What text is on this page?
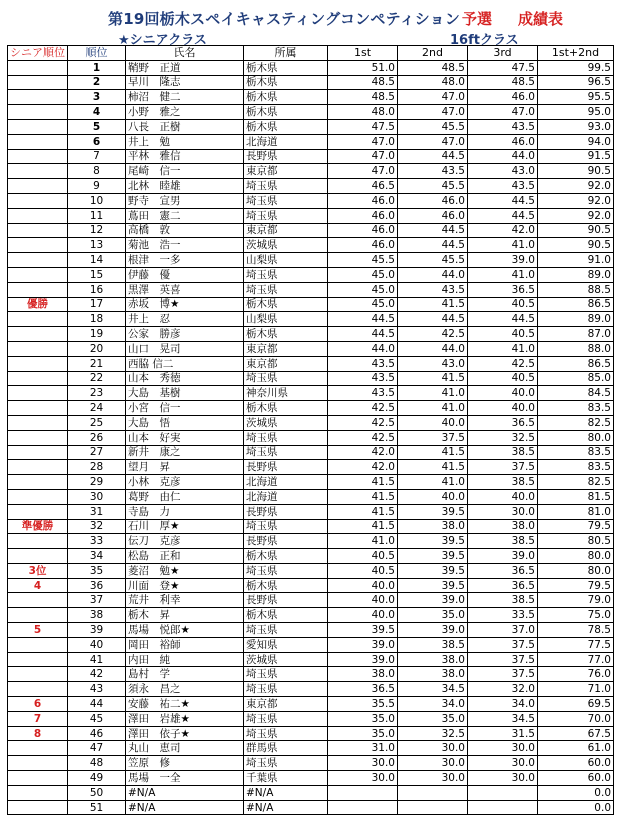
第19回栃木スペイキャスティングコンペティション 予選 成績表
★シニアクラス	16ftクラス
シニア順位	順位	氏名	所属	1st	2nd	3rd	1st+2nd
	1	鞘野　正道	栃木県	51.0	48.5	47.5	99.5
	2	早川　隆志	栃木県	48.5	48.0	48.5	96.5
	3	柿沼　健二	栃木県	48.5	47.0	46.0	95.5
	4	小野　雅之	栃木県	48.0	47.0	47.0	95.0
	5	八長　正樹	栃木県	47.5	45.5	43.5	93.0
	6	井上　勉	北海道	47.0	47.0	46.0	94.0
	7	平林　雅信	長野県	47.0	44.5	44.0	91.5
	8	尾崎　信一	東京都	47.0	43.5	43.0	90.5
	9	北林　睦雄	埼玉県	46.5	45.5	43.5	92.0
	10	野寺　宣男	埼玉県	46.0	46.0	44.5	92.0
	11	蔦田　憲二	埼玉県	46.0	46.0	44.5	92.0
	12	高橋　敦	東京都	46.0	44.5	42.0	90.5
	13	菊池　浩一	茨城県	46.0	44.5	41.0	90.5
	14	根津　一多	山梨県	45.5	45.5	39.0	91.0
	15	伊藤　優	埼玉県	45.0	44.0	41.0	89.0
	16	黒澤　英喜	埼玉県	45.0	43.5	36.5	88.5
優勝	17	赤坂　博★	栃木県	45.0	41.5	40.5	86.5
	18	井上　忍	山梨県	44.5	44.5	44.5	89.0
	19	公家　勝彦	栃木県	44.5	42.5	40.5	87.0
	20	山口　晃司	東京都	44.0	44.0	41.0	88.0
	21	西脇 信二	東京都	43.5	43.0	42.5	86.5
	22	山本　秀徳	埼玉県	43.5	41.5	40.5	85.0
	23	大島　基樹	神奈川県	43.5	41.0	40.0	84.5
	24	小宮　信一	栃木県	42.5	41.0	40.0	83.5
	25	大島　悟	茨城県	42.5	40.0	36.5	82.5
	26	山本　好実	埼玉県	42.5	37.5	32.5	80.0
	27	新井　康之	埼玉県	42.0	41.5	38.5	83.5
	28	望月　昇	長野県	42.0	41.5	37.5	83.5
	29	小林　克彦	北海道	41.5	41.0	38.5	82.5
	30	葛野　由仁	北海道	41.5	40.0	40.0	81.5
	31	寺島　力	長野県	41.5	39.5	30.0	81.0
準優勝	32	石川　厚★	埼玉県	41.5	38.0	38.0	79.5
	33	伝刀　克彦	長野県	41.0	39.5	38.5	80.5
	34	松島　正和	栃木県	40.5	39.5	39.0	80.0
3位	35	菱沼　勉★	埼玉県	40.5	39.5	36.5	80.0
4	36	川面　登★	栃木県	40.0	39.5	36.5	79.5
	37	荒井　利幸	長野県	40.0	39.0	38.5	79.0
	38	栃木　昇	栃木県	40.0	35.0	33.5	75.0
5	39	馬場　悦郎★	埼玉県	39.5	39.0	37.0	78.5
	40	岡田　裕師	愛知県	39.0	38.5	37.5	77.5
	41	内田　純	茨城県	39.0	38.0	37.5	77.0
	42	島村　学	埼玉県	38.0	38.0	37.5	76.0
	43	須永　昌之	埼玉県	36.5	34.5	32.0	71.0
6	44	安藤　祐二★	東京都	35.5	34.0	34.0	69.5
7	45	澤田　岩雄★	埼玉県	35.0	35.0	34.5	70.0
8	46	澤田　依子★	埼玉県	35.0	32.5	31.5	67.5
	47	丸山　恵司	群馬県	31.0	30.0	30.0	61.0
	48	笠原　修	埼玉県	30.0	30.0	30.0	60.0
	49	馬場　一全	千葉県	30.0	30.0	30.0	60.0
	50	#N/A	#N/A				0.0
	51	#N/A	#N/A				0.0
